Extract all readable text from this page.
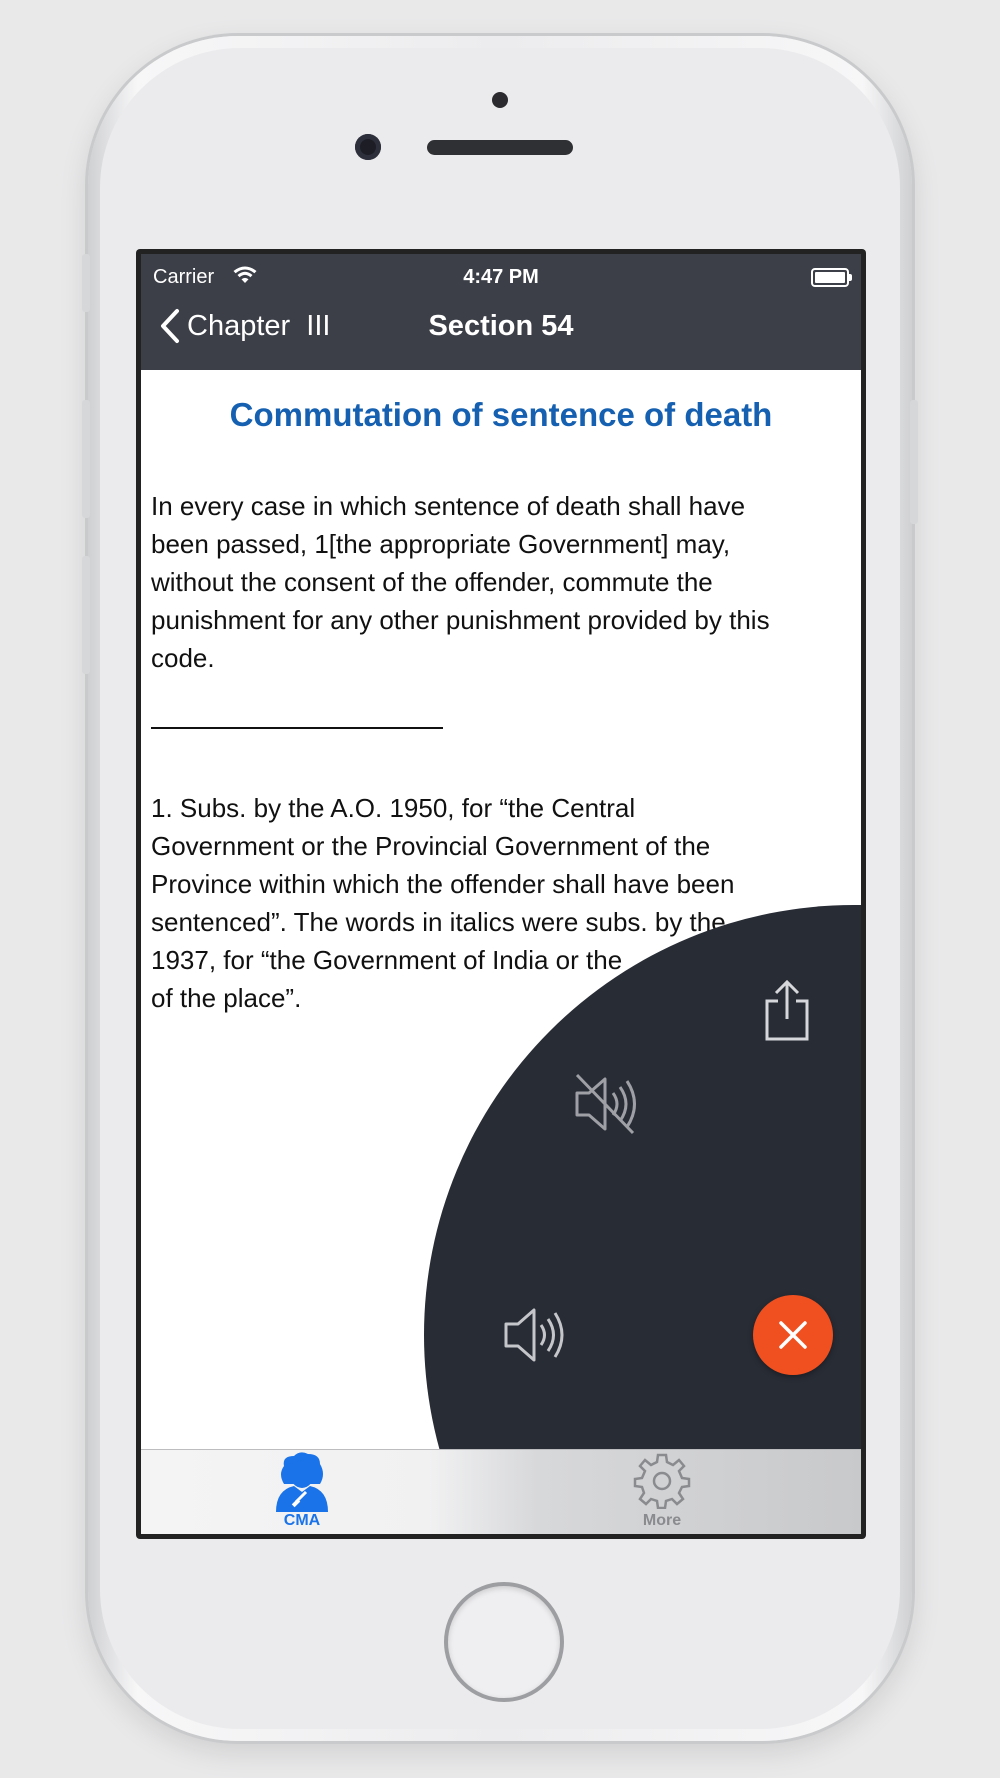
Carrier	4:47 PM
Chapter  III	Section 54
Commutation of sentence of death
In every case in which sentence of death shall have
been passed, 1[the appropriate Government] may,
without the consent of the offender, commute the
punishment for any other punishment provided by this
code.
1. Subs. by the A.O. 1950, for “the Central
Government or the Provincial Government of the
Province within which the offender shall have been
sentenced”. The words in italics were subs. by the
1937, for “the Government of India or the
of the place”.
CMA	More
